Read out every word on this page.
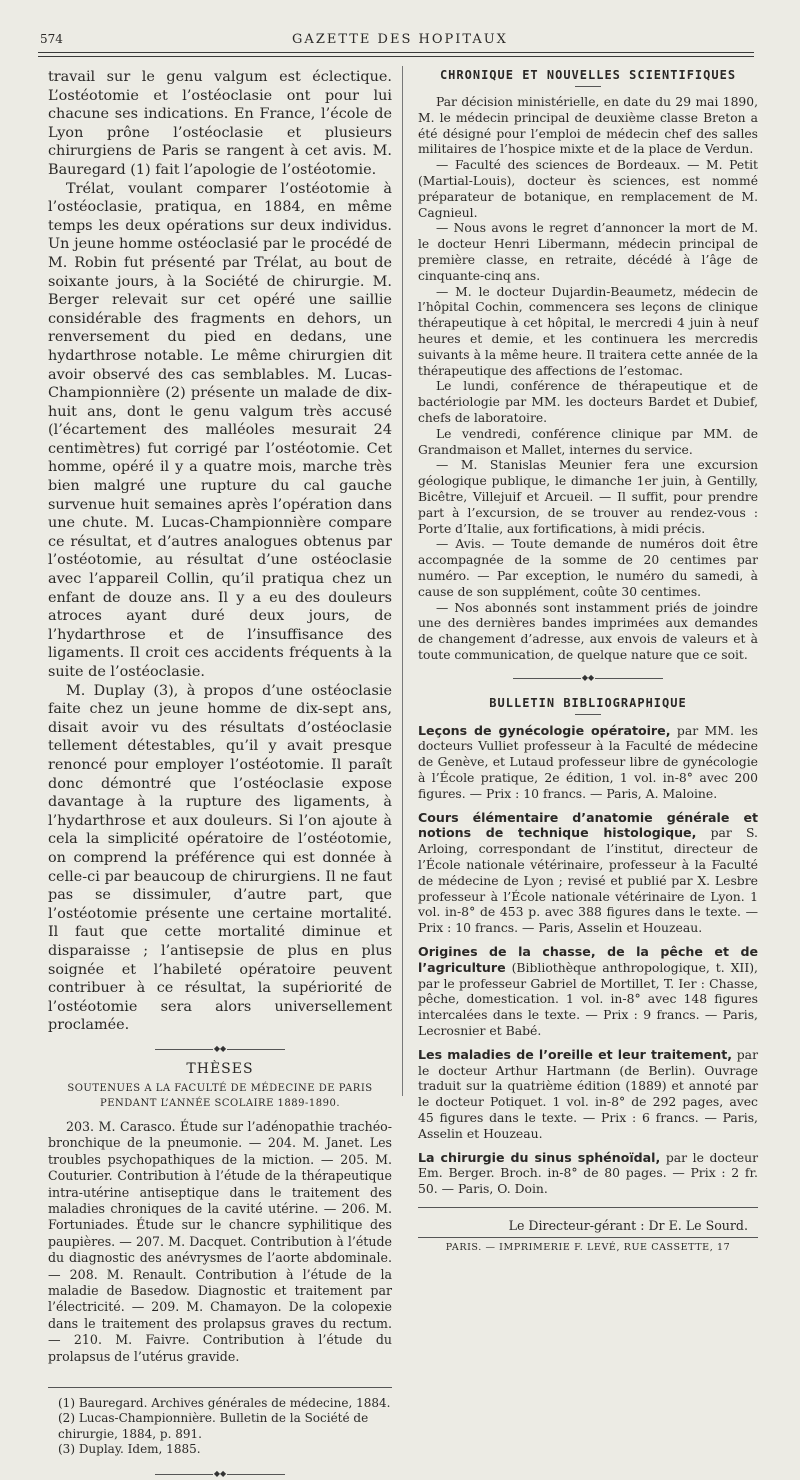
574	GAZETTE DES HOPITAUX

travail sur le genu valgum est éclectique. L’ostéotomie et l’ostéoclasie ont pour lui chacune ses indications. En France, l’école de Lyon prône l’ostéoclasie et plusieurs chirurgiens de Paris se rangent à cet avis. M. Bauregard (1) fait l’apologie de l’ostéotomie.

Trélat, voulant comparer l’ostéotomie à l’ostéoclasie, pratiqua, en 1884, en même temps les deux opérations sur deux individus. Un jeune homme ostéoclasié par le procédé de M. Robin fut présenté par Trélat, au bout de soixante jours, à la Société de chirurgie. M. Berger relevait sur cet opéré une saillie considérable des fragments en dehors, un renversement du pied en dedans, une hydarthrose notable. Le même chirurgien dit avoir observé des cas semblables. M. Lucas-Championnière (2) présente un malade de dix-huit ans, dont le genu valgum très accusé (l’écartement des malléoles mesurait 24 centimètres) fut corrigé par l’ostéotomie. Cet homme, opéré il y a quatre mois, marche très bien malgré une rupture du cal gauche survenue huit semaines après l’opération dans une chute. M. Lucas-Championnière compare ce résultat, et d’autres analogues obtenus par l’ostéotomie, au résultat d’une ostéoclasie avec l’appareil Collin, qu’il pratiqua chez un enfant de douze ans. Il y a eu des douleurs atroces ayant duré deux jours, de l’hydarthrose et de l’insuffisance des ligaments. Il croit ces accidents fréquents à la suite de l’ostéoclasie.

M. Duplay (3), à propos d’une ostéoclasie faite chez un jeune homme de dix-sept ans, disait avoir vu des résultats d’ostéoclasie tellement détestables, qu’il y avait presque renoncé pour employer l’ostéotomie. Il paraît donc démontré que l’ostéoclasie expose davantage à la rupture des ligaments, à l’hydarthrose et aux douleurs. Si l’on ajoute à cela la simplicité opératoire de l’ostéotomie, on comprend la préférence qui est donnée à celle-ci par beaucoup de chirurgiens. Il ne faut pas se dissimuler, d’autre part, que l’ostéotomie présente une certaine mortalité. Il faut que cette mortalité diminue et disparaisse ; l’antisepsie de plus en plus soignée et l’habileté opératoire peuvent contribuer à ce résultat, la supériorité de l’ostéotomie sera alors universellement proclamée.

◆◆
THÈSES
SOUTENUES A LA FACULTÉ DE MÉDECINE DE PARIS
PENDANT L’ANNÉE SCOLAIRE 1889-1890.
203. M. Carasco. Étude sur l’adénopathie trachéo-bronchique de la pneumonie. — 204. M. Janet. Les troubles psychopathiques de la miction. — 205. M. Couturier. Contribution à l’étude de la thérapeutique intra-utérine antiseptique dans le traitement des maladies chroniques de la cavité utérine. — 206. M. Fortuniades. Étude sur le chancre syphilitique des paupières. — 207. M. Dacquet. Contribution à l’étude du diagnostic des anévrysmes de l’aorte abdominale. — 208. M. Renault. Contribution à l’étude de la maladie de Basedow. Diagnostic et traitement par l’électricité. — 209. M. Chamayon. De la colopexie dans le traitement des prolapsus graves du rectum. — 210. M. Faivre. Contribution à l’étude du prolapsus de l’utérus gravide.
(1) Bauregard. Archives générales de médecine, 1884.
(2) Lucas-Championnière. Bulletin de la Société de chirurgie, 1884, p. 891.
(3) Duplay. Idem, 1885.
◆◆
CHRONIQUE ET NOUVELLES SCIENTIFIQUES

Par décision ministérielle, en date du 29 mai 1890, M. le médecin principal de deuxième classe Breton a été désigné pour l’emploi de médecin chef des salles militaires de l’hospice mixte et de la place de Verdun.

— Faculté des sciences de Bordeaux. — M. Petit (Martial-Louis), docteur ès sciences, est nommé préparateur de botanique, en remplacement de M. Cagnieul.

— Nous avons le regret d’annoncer la mort de M. le docteur Henri Libermann, médecin principal de première classe, en retraite, décédé à l’âge de cinquante-cinq ans.

— M. le docteur Dujardin-Beaumetz, médecin de l’hôpital Cochin, commencera ses leçons de clinique thérapeutique à cet hôpital, le mercredi 4 juin à neuf heures et demie, et les continuera les mercredis suivants à la même heure. Il traitera cette année de la thérapeutique des affections de l’estomac.

Le lundi, conférence de thérapeutique et de bactériologie par MM. les docteurs Bardet et Dubief, chefs de laboratoire.

Le vendredi, conférence clinique par MM. de Grandmaison et Mallet, internes du service.

— M. Stanislas Meunier fera une excursion géologique publique, le dimanche 1er juin, à Gentilly, Bicêtre, Villejuif et Arcueil. — Il suffit, pour prendre part à l’excursion, de se trouver au rendez-vous : Porte d’Italie, aux fortifications, à midi précis.

— Avis. — Toute demande de numéros doit être accompagnée de la somme de 20 centimes par numéro. — Par exception, le numéro du samedi, à cause de son supplément, coûte 30 centimes.

— Nos abonnés sont instamment priés de joindre une des dernières bandes imprimées aux demandes de changement d’adresse, aux envois de valeurs et à toute communication, de quelque nature que ce soit.

◆◆
BULLETIN BIBLIOGRAPHIQUE
Leçons de gynécologie opératoire, par MM. les docteurs Vulliet professeur à la Faculté de médecine de Genève, et Lutaud professeur libre de gynécologie à l’École pratique, 2e édition, 1 vol. in-8° avec 200 figures. — Prix : 10 francs. — Paris, A. Maloine.
Cours élémentaire d’anatomie générale et notions de technique histologique, par S. Arloing, correspondant de l’institut, directeur de l’École nationale vétérinaire, professeur à la Faculté de médecine de Lyon ; revisé et publié par X. Lesbre professeur à l’École nationale vétérinaire de Lyon. 1 vol. in-8° de 453 p. avec 388 figures dans le texte. — Prix : 10 francs. — Paris, Asselin et Houzeau.
Origines de la chasse, de la pêche et de l’agriculture (Bibliothèque anthropologique, t. XII), par le professeur Gabriel de Mortillet, T. Ier : Chasse, pêche, domestication. 1 vol. in-8° avec 148 figures intercalées dans le texte. — Prix : 9 francs. — Paris, Lecrosnier et Babé.
Les maladies de l’oreille et leur traitement, par le docteur Arthur Hartmann (de Berlin). Ouvrage traduit sur la quatrième édition (1889) et annoté par le docteur Potiquet. 1 vol. in-8° de 292 pages, avec 45 figures dans le texte. — Prix : 6 francs. — Paris, Asselin et Houzeau.
La chirurgie du sinus sphénoïdal, par le docteur Em. Berger. Broch. in-8° de 80 pages. — Prix : 2 fr. 50. — Paris, O. Doin.
Le Directeur-gérant : Dr E. Le Sourd.
PARIS. — IMPRIMERIE F. LEVÉ, RUE CASSETTE, 17
